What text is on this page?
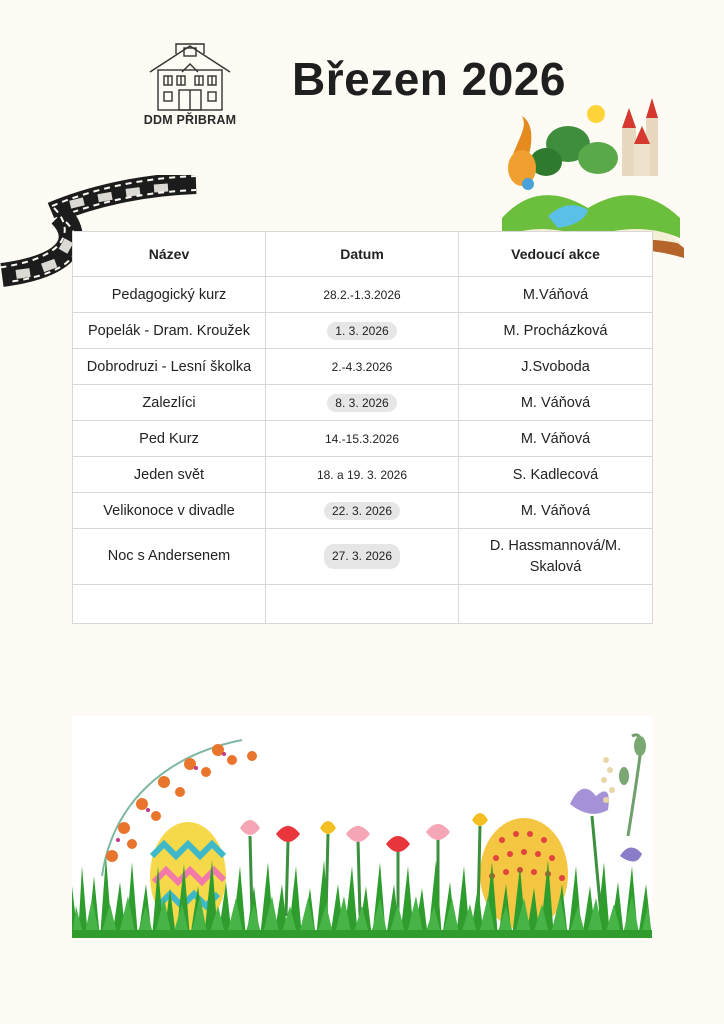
DDM PŘIBRAM
Březen 2026
Název	Datum	Vedoucí akce
Pedagogický kurz	28.2.-1.3.2026	M.Váňová
Popelák - Dram. Kroužek	1. 3. 2026	M. Procházková
Dobrodruzi - Lesní školka	2.-4.3.2026	J.Svoboda
Zalezlíci	8. 3. 2026	M. Váňová
Ped Kurz	14.-15.3.2026	M. Váňová
Jeden svět	18. a 19. 3. 2026	S. Kadlecová
Velikonoce v divadle	22. 3. 2026	M. Váňová
Noc s Andersenem	27. 3. 2026	D. Hassmannová/M. Skalová
